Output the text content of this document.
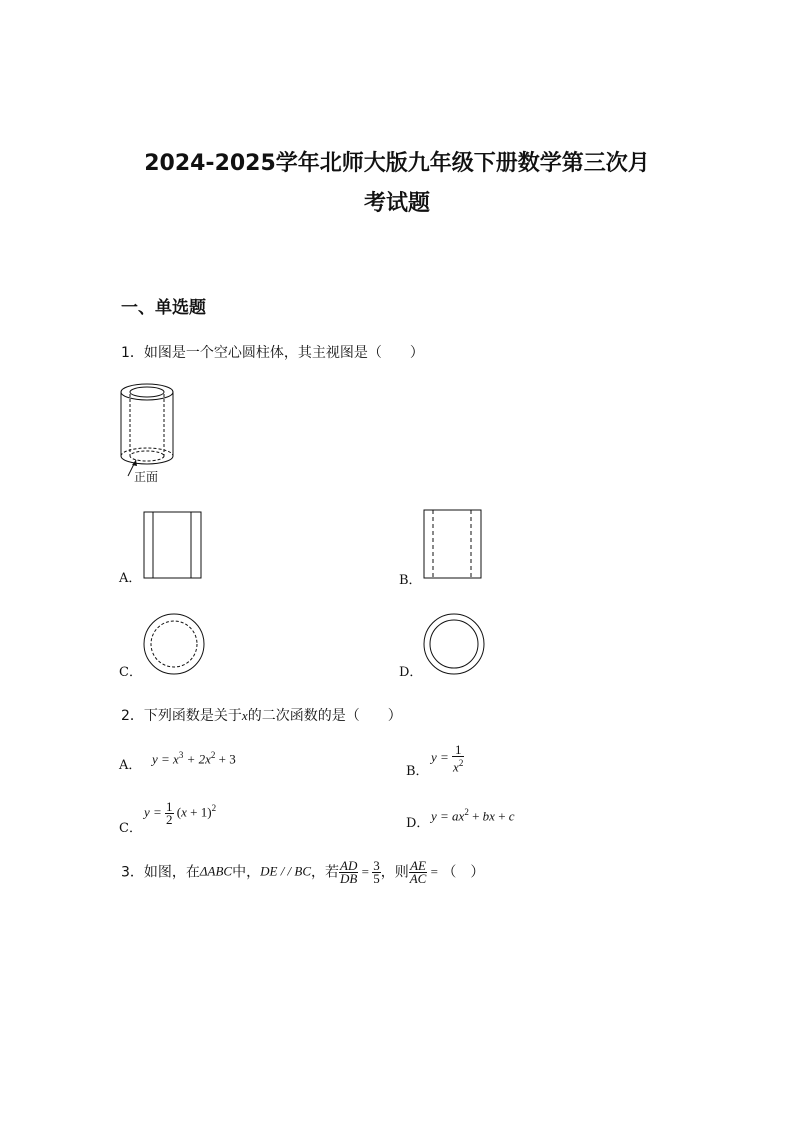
2024-2025学年北师大版九年级下册数学第三次月
考试题
一、单选题
1．如图是一个空心圆柱体，其主视图是（　　）
正面
A．	B．
C．	D．
2．下列函数是关于x的二次函数的是（　　）
A． $y = x^3 + 2x^2 + 3$
B．
$y = \frac{1}{x^2}$
C．
$y = \frac{1}{2} (x + 1)^2$
D．
$y = ax^2$ + bx + c
3．如图，在ΔABC中，DE / / BC，若 $\frac{AD}{DB} = \frac{3}{5}$ ，则 $\frac{AE}{AC}$ = （　）
